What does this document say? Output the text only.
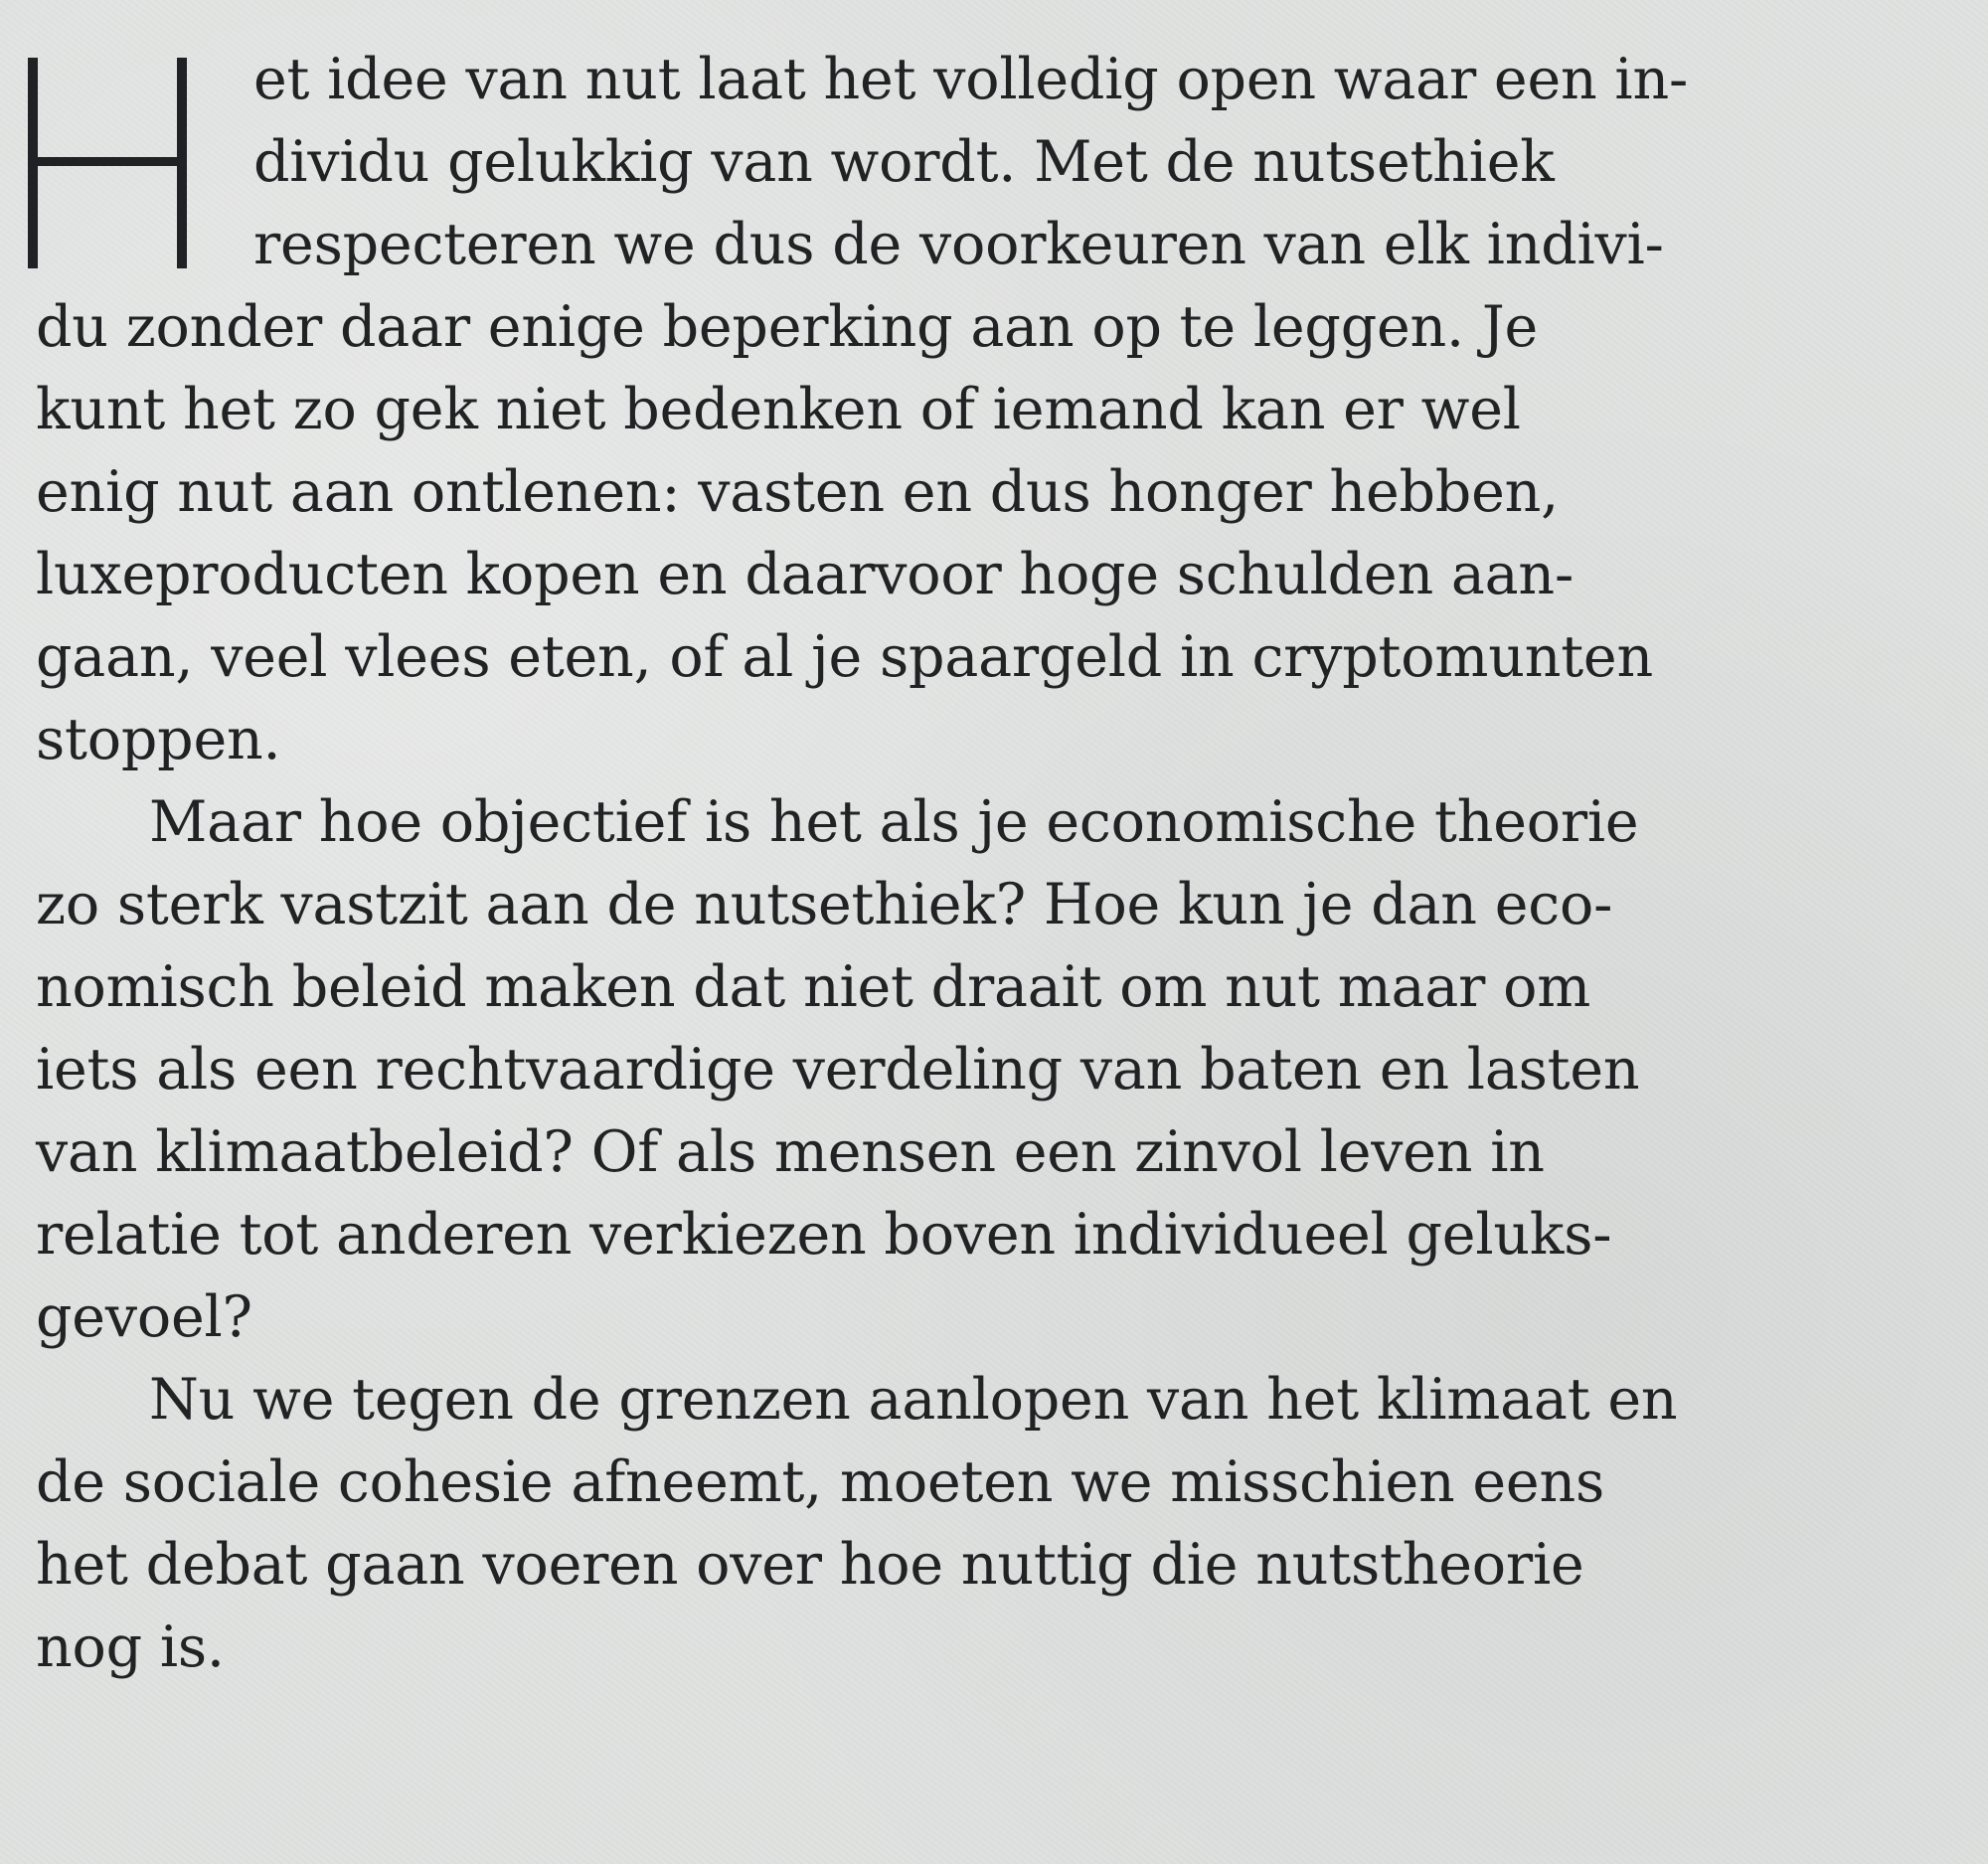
et idee van nut laat het volledig open waar een in-
dividu gelukkig van wordt. Met de nutsethiek
respecteren we dus de voorkeuren van elk indivi-
du zonder daar enige beperking aan op te leggen. Je
kunt het zo gek niet bedenken of iemand kan er wel
enig nut aan ontlenen: vasten en dus honger hebben,
luxeproducten kopen en daarvoor hoge schulden aan-
gaan, veel vlees eten, of al je spaargeld in cryptomunten
stoppen.
Maar hoe objectief is het als je economische theorie
zo sterk vastzit aan de nutsethiek? Hoe kun je dan eco-
nomisch beleid maken dat niet draait om nut maar om
iets als een rechtvaardige verdeling van baten en lasten
van klimaatbeleid? Of als mensen een zinvol leven in
relatie tot anderen verkiezen boven individueel geluks-
gevoel?
Nu we tegen de grenzen aanlopen van het klimaat en
de sociale cohesie afneemt, moeten we misschien eens
het debat gaan voeren over hoe nuttig die nutstheorie
nog is.
